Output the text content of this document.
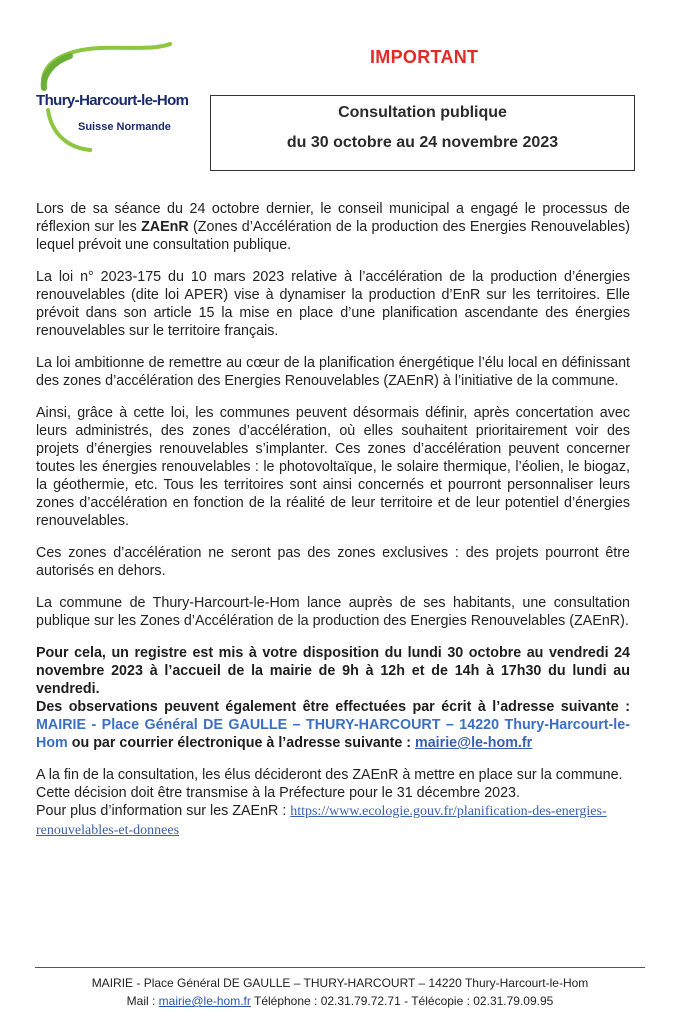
Thury-Harcourt-le-Hom
Suisse Normande
IMPORTANT
Consultation publique
du 30 octobre au 24 novembre 2023

Lors de sa séance du 24 octobre dernier, le conseil municipal a engagé le processus de réflexion sur les ZAEnR (Zones d’Accélération de la production des Energies Renouvelables) lequel prévoit une consultation publique.

La loi n° 2023-175 du 10 mars 2023 relative à l’accélération de la production d’énergies renouvelables (dite loi APER) vise à dynamiser la production d’EnR sur les territoires. Elle prévoit dans son article 15 la mise en place d’une planification ascendante des énergies renouvelables sur le territoire français.

La loi ambitionne de remettre au cœur de la planification énergétique l’élu local en définissant des zones d’accélération des Energies Renouvelables (ZAEnR) à l’initiative de la commune.

Ainsi, grâce à cette loi, les communes peuvent désormais définir, après concertation avec leurs administrés, des zones d’accélération, où elles souhaitent prioritairement voir des projets d’énergies renouvelables s’implanter. Ces zones d’accélération peuvent concerner toutes les énergies renouvelables : le photovoltaïque, le solaire thermique, l’éolien, le biogaz, la géothermie, etc. Tous les territoires sont ainsi concernés et pourront personnaliser leurs zones d’accélération en fonction de la réalité de leur territoire et de leur potentiel d’énergies renouvelables.

Ces zones d’accélération ne seront pas des zones exclusives : des projets pourront être autorisés en dehors.

La commune de Thury-Harcourt-le-Hom lance auprès de ses habitants, une consultation publique sur les Zones d’Accélération de la production des Energies Renouvelables (ZAEnR).

Pour cela, un registre est mis à votre disposition du lundi 30 octobre au vendredi 24 novembre 2023 à l’accueil de la mairie de 9h à 12h et de 14h à 17h30 du lundi au vendredi.

Des observations peuvent également être effectuées par écrit à l’adresse suivante : MAIRIE - Place Général DE GAULLE – THURY-HARCOURT – 14220 Thury-Harcourt-le-Hom ou par courrier électronique à l’adresse suivante : mairie@le-hom.fr

A la fin de la consultation, les élus décideront des ZAEnR à mettre en place sur la commune. Cette décision doit être transmise à la Préfecture pour le 31 décembre 2023.

Pour plus d’information sur les ZAEnR : https://www.ecologie.gouv.fr/planification-des-energies-renouvelables-et-donnees

MAIRIE - Place Général DE GAULLE – THURY-HARCOURT – 14220 Thury-Harcourt-le-Hom
Mail : mairie@le-hom.fr Téléphone : 02.31.79.72.71 - Télécopie : 02.31.79.09.95
